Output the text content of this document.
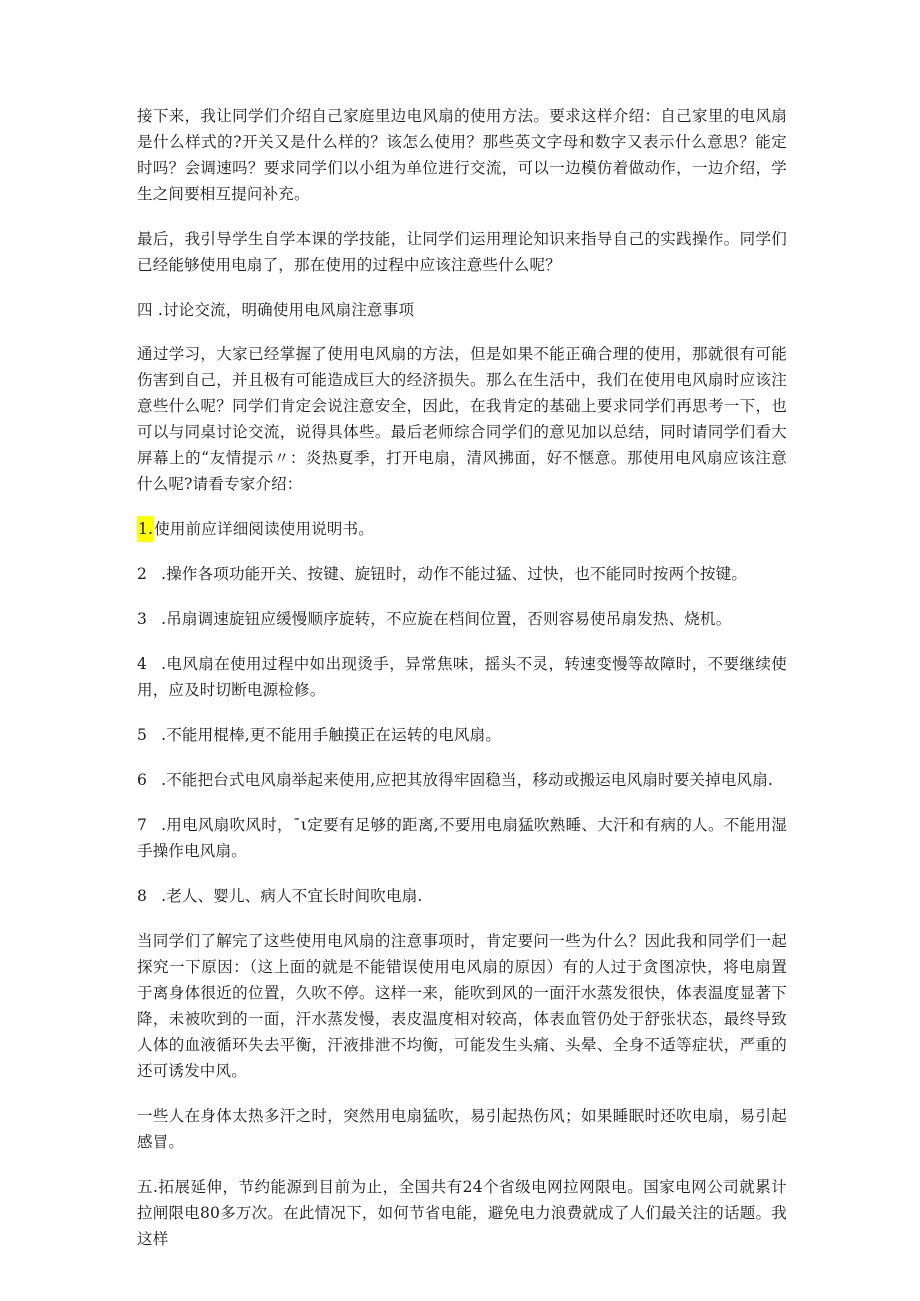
接下来，我让同学们介绍自己家庭里边电风扇的使用方法。要求这样介绍：自己家里的电风扇是什么样式的?开关又是什么样的？该怎么使用？那些英文字母和数字又表示什么意思？能定时吗？会调速吗？要求同学们以小组为单位进行交流，可以一边模仿着做动作，一边介绍，学生之间要相互提问补充。

最后，我引导学生自学本课的学技能，让同学们运用理论知识来指导自己的实践操作。同学们已经能够使用电扇了，那在使用的过程中应该注意些什么呢？

四 .讨论交流，明确使用电风扇注意事项

通过学习，大家已经掌握了使用电风扇的方法，但是如果不能正确合理的使用，那就很有可能伤害到自己，并且极有可能造成巨大的经济损失。那么在生活中，我们在使用电风扇时应该注意些什么呢？同学们肯定会说注意安全，因此，在我肯定的基础上要求同学们再思考一下，也可以与同桌讨论交流，说得具体些。最后老师综合同学们的意见加以总结，同时请同学们看大屏幕上的“友情提示〃：炎热夏季，打开电扇，清风拂面，好不惬意。那使用电风扇应该注意什么呢?请看专家介绍：

1.使用前应详细阅读使用说明书。

2 .操作各项功能开关、按键、旋钮时，动作不能过猛、过快，也不能同时按两个按键。

3 .吊扇调速旋钮应缓慢顺序旋转，不应旋在档间位置，否则容易使吊扇发热、烧机。

4 .电风扇在使用过程中如出现烫手，异常焦味，摇头不灵，转速变慢等故障时，不要继续使用，应及时切断电源检修。

5 .不能用棍棒,更不能用手触摸正在运转的电风扇。

6 .不能把台式电风扇举起来使用,应把其放得牢固稳当，移动或搬运电风扇时要关掉电风扇.

7 .用电风扇吹风时，¯ι定要有足够的距离,不要用电扇猛吹熟睡、大汗和有病的人。不能用湿手操作电风扇。

8 .老人、婴儿、病人不宜长时间吹电扇.

当同学们了解完了这些使用电风扇的注意事项时，肯定要问一些为什么？因此我和同学们一起探究一下原因：（这上面的就是不能错误使用电风扇的原因）有的人过于贪图凉快，将电扇置于离身体很近的位置，久吹不停。这样一来，能吹到风的一面汗水蒸发很快，体表温度显著下降，未被吹到的一面，汗水蒸发慢，表皮温度相对较高，体表血管仍处于舒张状态，最终导致人体的血液循环失去平衡，汗液排泄不均衡，可能发生头痛、头晕、全身不适等症状，严重的还可诱发中风。

一些人在身体太热多汗之时，突然用电扇猛吹，易引起热伤风；如果睡眠时还吹电扇，易引起感冒。

五.拓展延伸，节约能源到目前为止，全国共有24个省级电网拉网限电。国家电网公司就累计拉闸限电80多万次。在此情况下，如何节省电能，避免电力浪费就成了人们最关注的话题。我这样
